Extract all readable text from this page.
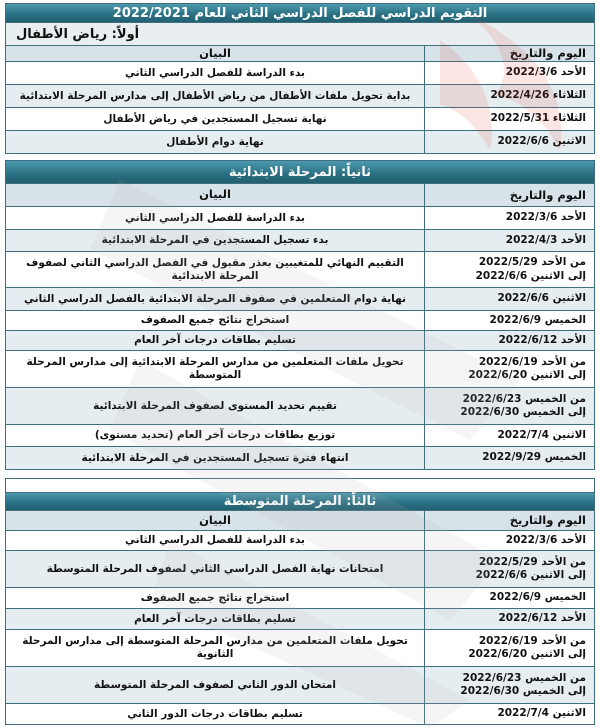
التقويم الدراسي للفصل الدراسي الثاني للعام 2022/2021
أولاً: رياض الأطفال
اليوم والتاريخ
البيان
الأحد 2022/3/6
بدء الدراسة للفصل الدراسي الثاني
الثلاثاء 2022/4/26
بداية تحويل ملفات الأطفال من رياض الأطفال إلى مدارس المرحلة الابتدائية
الثلاثاء 2022/5/31
نهاية تسجيل المستجدين في رياض الأطفال
الاثنين 2022/6/6
نهاية دوام الأطفال
ثانياً: المرحلة الابتدائية
اليوم والتاريخ
البيان
الأحد 2022/3/6
بدء الدراسة للفصل الدراسي الثاني
الأحد 2022/4/3
بدء تسجيل المستجدين في المرحلة الابتدائية
من الأحد 2022/5/29
إلى الاثنين 2022/6/6
التقييم النهائي للمتغيبين بعذر مقبول في الفصل الدراسي الثاني لصفوف المرحلة الابتدائية
الاثنين 2022/6/6
نهاية دوام المتعلمين في صفوف المرحلة الابتدائية بالفصل الدراسي الثاني
الخميس 2022/6/9
استخراج نتائج جميع الصفوف
الأحد 2022/6/12
تسليم بطاقات درجات آخر العام
من الأحد 2022/6/19
إلى الاثنين 2022/6/20
تحويل ملفات المتعلمين من مدارس المرحلة الابتدائية إلى مدارس المرحلة المتوسطة
من الخميس 2022/6/23
إلى الخميس 2022/6/30
تقييم تحديد المستوى لصفوف المرحلة الابتدائية
الاثنين 2022/7/4
توزيع بطاقات درجات آخر العام (تحديد مستوى)
الخميس 2022/9/29
انتهاء فترة تسجيل المستجدين في المرحلة الابتدائية
ثالثاً: المرحلة المتوسطة
اليوم والتاريخ
البيان
الأحد 2022/3/6
بدء الدراسة للفصل الدراسي الثاني
من الأحد 2022/5/29
إلى الاثنين 2022/6/6
امتحانات نهاية الفصل الدراسي الثاني لصفوف المرحلة المتوسطة
الخميس 2022/6/9
استخراج نتائج جميع الصفوف
الأحد 2022/6/12
تسليم بطاقات درجات آخر العام
من الأحد 2022/6/19
إلى الاثنين 2022/6/20
تحويل ملفات المتعلمين من مدارس المرحلة المتوسطة إلى مدارس المرحلة الثانوية
من الخميس 2022/6/23
إلى الخميس 2022/6/30
امتحان الدور الثاني لصفوف المرحلة المتوسطة
الاثنين 2022/7/4
تسليم بطاقات درجات الدور الثاني
